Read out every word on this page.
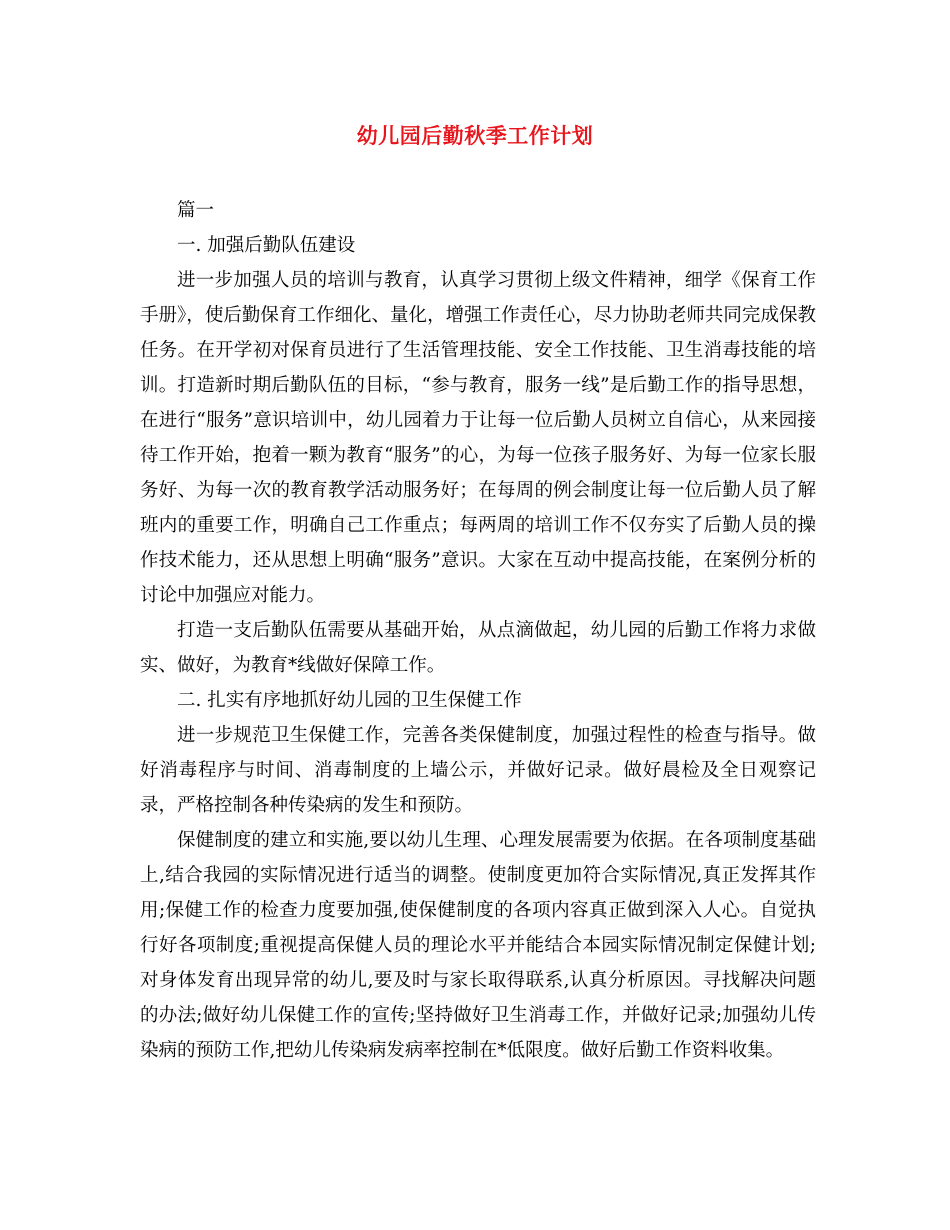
幼儿园后勤秋季工作计划

篇一

一. 加强后勤队伍建设

进一步加强人员的培训与教育，认真学习贯彻上级文件精神，细学《保育工作手册》，使后勤保育工作细化、量化，增强工作责任心，尽力协助老师共同完成保教任务。在开学初对保育员进行了生活管理技能、安全工作技能、卫生消毒技能的培训。打造新时期后勤队伍的目标，“参与教育，服务一线”是后勤工作的指导思想，在进行“服务”意识培训中，幼儿园着力于让每一位后勤人员树立自信心，从来园接待工作开始，抱着一颗为教育“服务”的心，为每一位孩子服务好、为每一位家长服务好、为每一次的教育教学活动服务好；在每周的例会制度让每一位后勤人员了解班内的重要工作，明确自己工作重点；每两周的培训工作不仅夯实了后勤人员的操作技术能力，还从思想上明确“服务”意识。大家在互动中提高技能，在案例分析的讨论中加强应对能力。

打造一支后勤队伍需要从基础开始，从点滴做起，幼儿园的后勤工作将力求做实、做好，为教育*线做好保障工作。

二. 扎实有序地抓好幼儿园的卫生保健工作

进一步规范卫生保健工作，完善各类保健制度，加强过程性的检查与指导。做好消毒程序与时间、消毒制度的上墙公示，并做好记录。做好晨检及全日观察记录，严格控制各种传染病的发生和预防。

保健制度的建立和实施,要以幼儿生理、心理发展需要为依据。在各项制度基础上,结合我园的实际情况进行适当的调整。使制度更加符合实际情况,真正发挥其作用;保健工作的检查力度要加强,使保健制度的各项内容真正做到深入人心。自觉执行好各项制度;重视提高保健人员的理论水平并能结合本园实际情况制定保健计划;对身体发育出现异常的幼儿,要及时与家长取得联系,认真分析原因。寻找解决问题的办法;做好幼儿保健工作的宣传;坚持做好卫生消毒工作，并做好记录;加强幼儿传染病的预防工作,把幼儿传染病发病率控制在*低限度。做好后勤工作资料收集。
